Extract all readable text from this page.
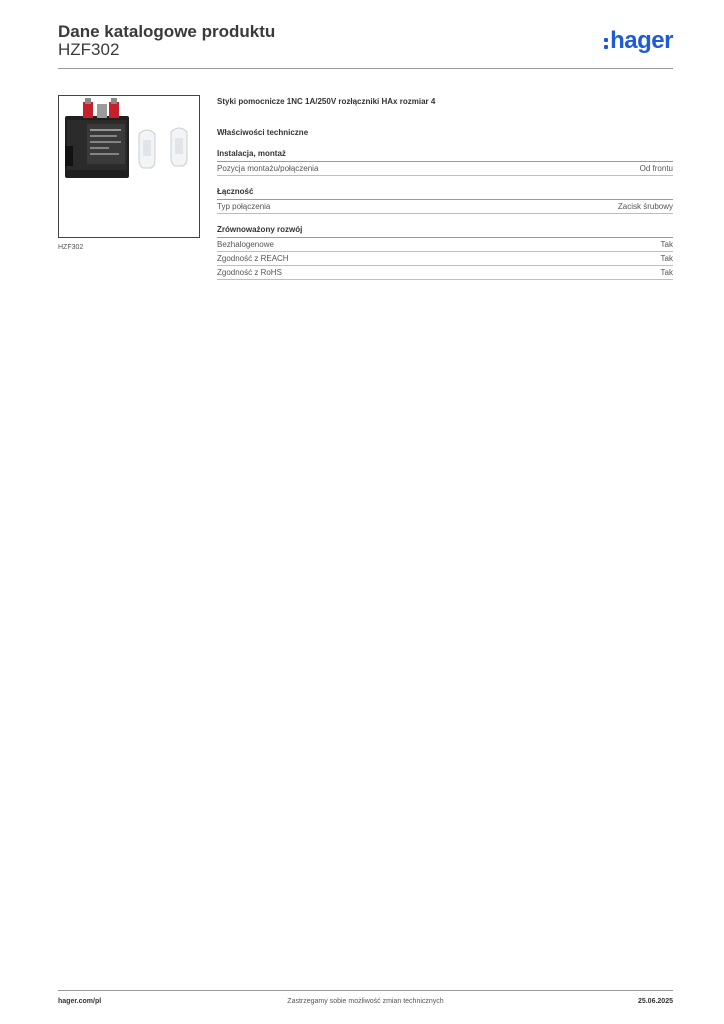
Dane katalogowe produktu
HZF302	hager
HZF302

Styki pomocnicze 1NC 1A/250V rozłączniki HAx rozmiar 4

Właściwości techniczne

Instalacja, montaż
Pozycja montażu/połączenia	Od frontu
Łączność
Typ połączenia	Zacisk śrubowy
Zrównoważony rozwój
Bezhalogenowe	Tak
Zgodność z REACH	Tak
Zgodność z RoHS	Tak
hager.com/pl	Zastrzegamy sobie możliwość zmian technicznych	25.06.2025
